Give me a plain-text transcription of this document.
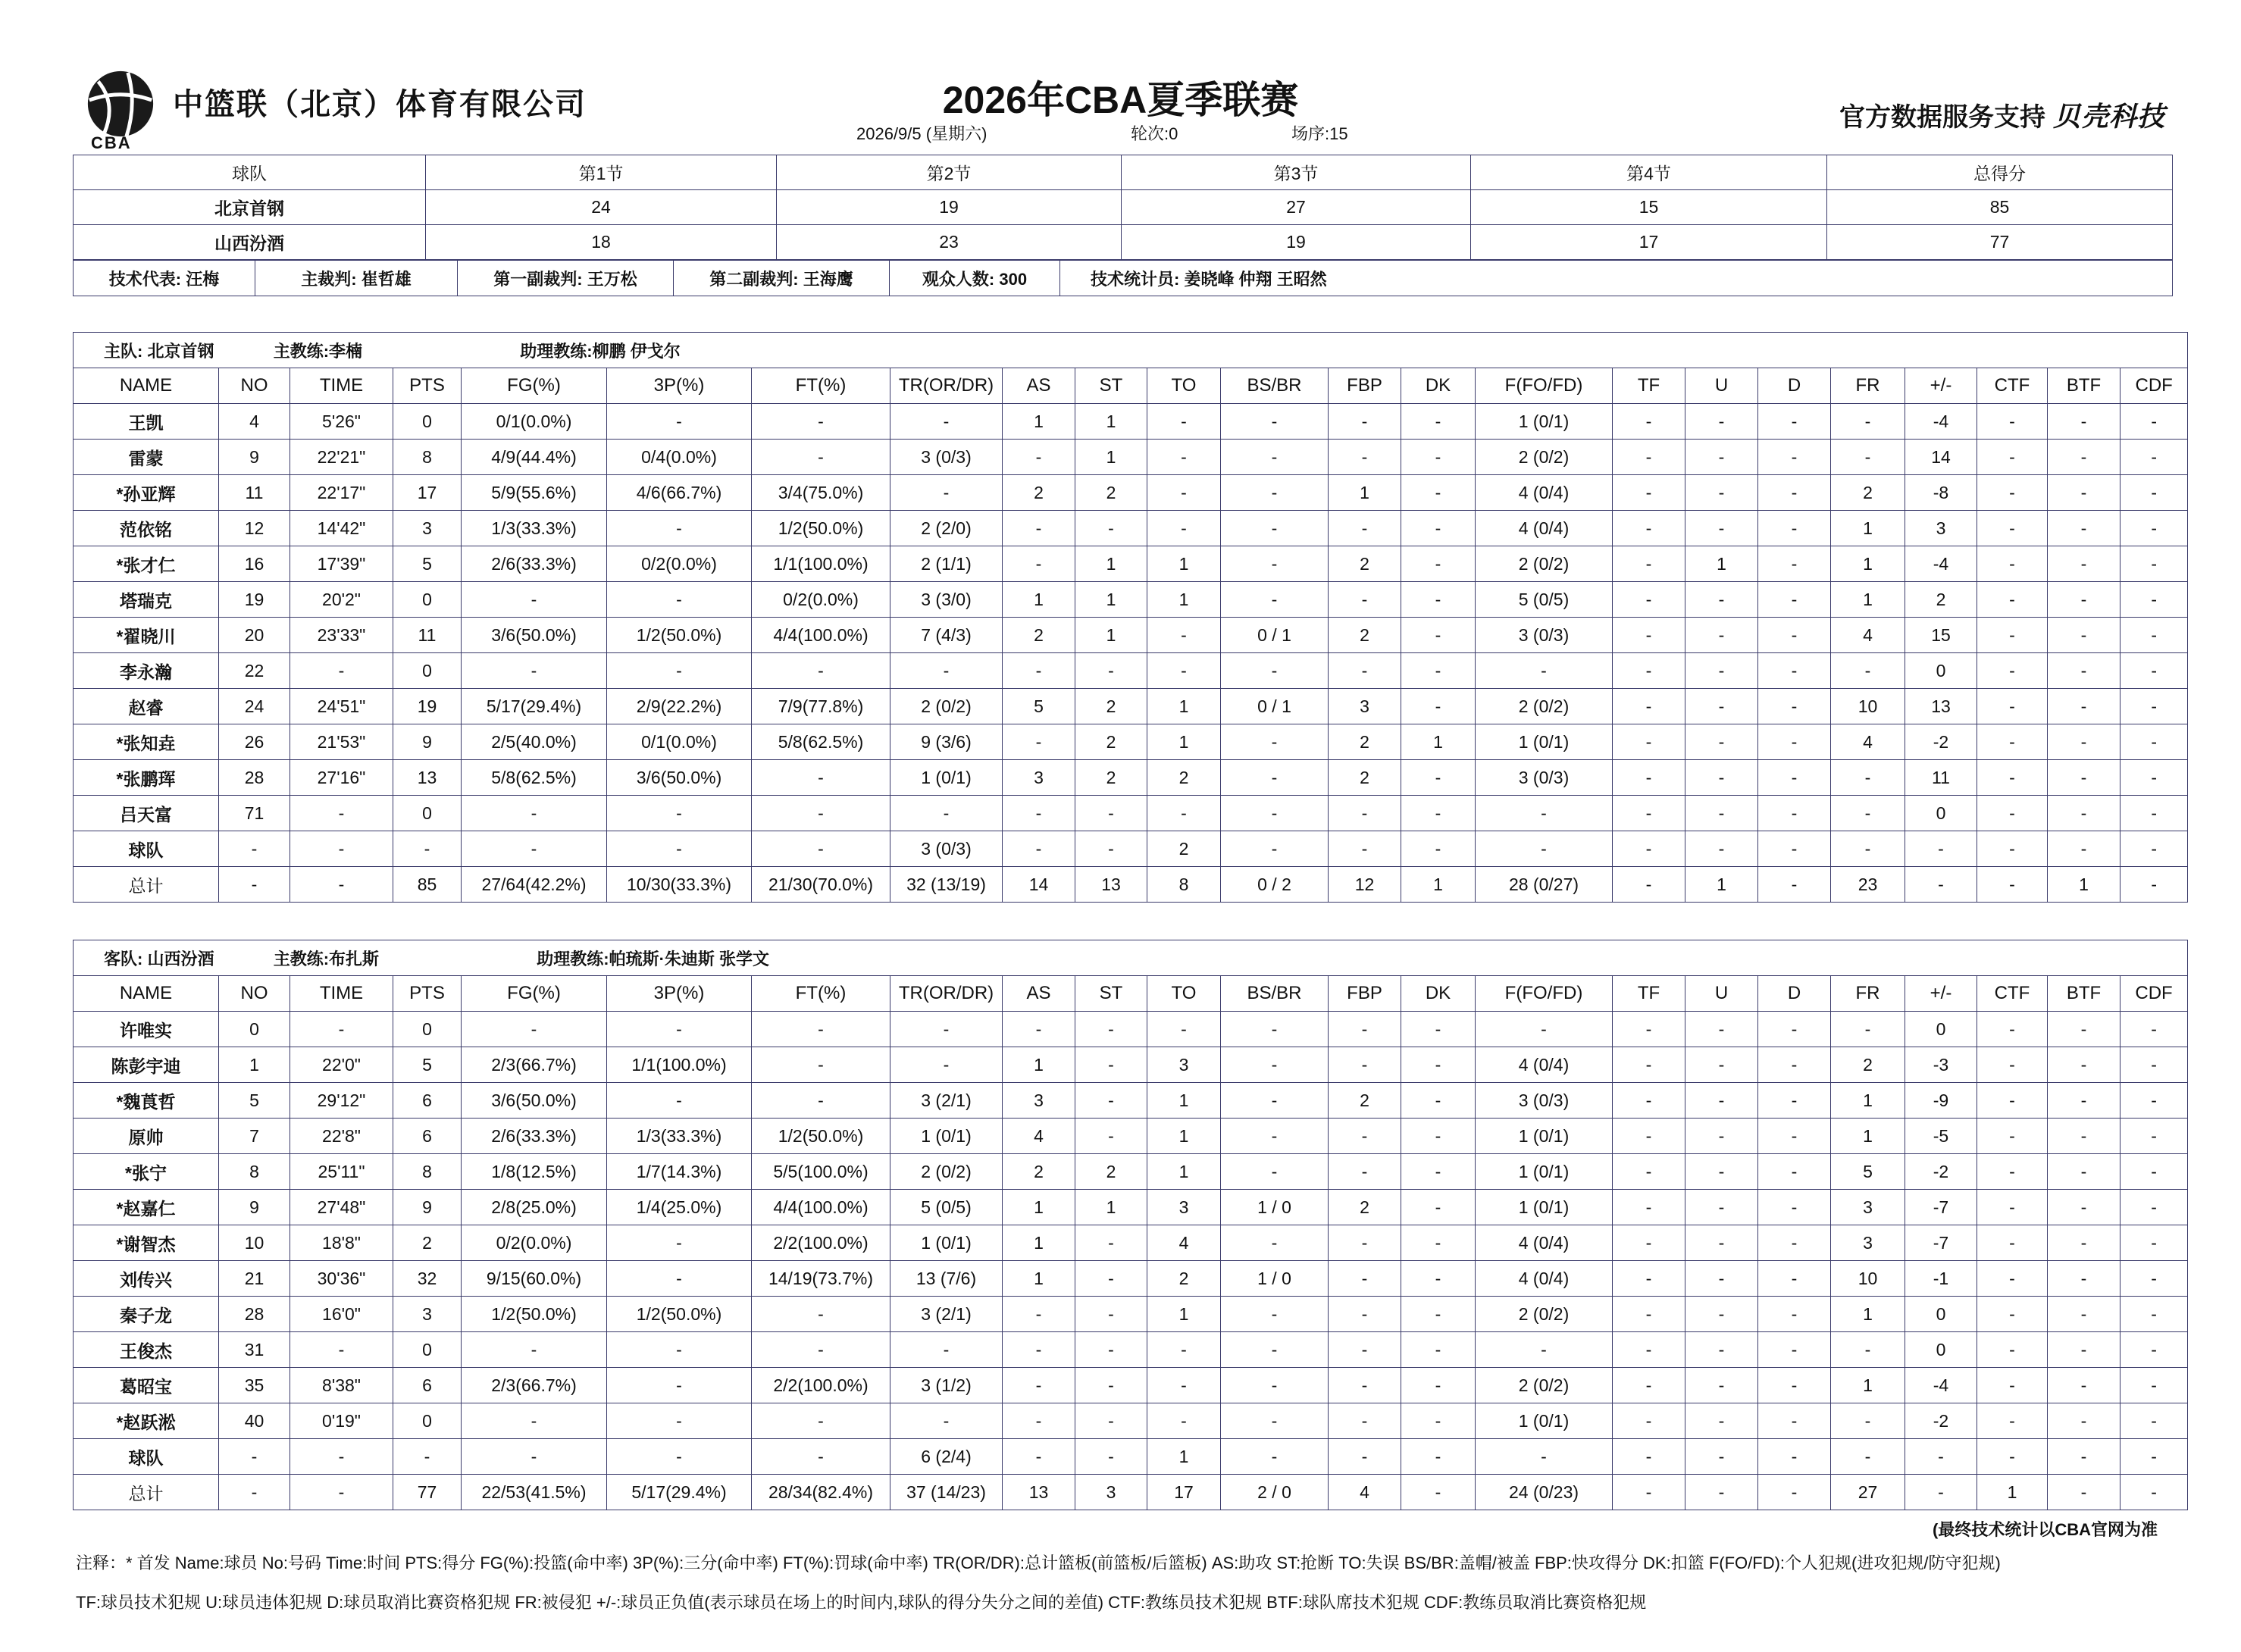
CBA
中篮联（北京）体育有限公司	2026年CBA夏季联赛
2026/9/5 (星期六)	轮次:0	场序:15
官方数据服务支持 贝壳科技
球队	第1节	第2节	第3节	第4节	总得分
北京首钢	24	19	27	15	85
山西汾酒	18	23	19	17	77
技术代表: 汪梅	主裁判: 崔哲雄	第一副裁判: 王万松	第二副裁判: 王海鹰	观众人数: 300	技术统计员: 姜晓峰 仲翔 王昭然
主队: 北京首钢 主教练:李楠 助理教练:柳鹏 伊戈尔																						
NAME	NO	TIME	PTS	FG(%)	3P(%)	FT(%)	TR(OR/DR)	AS	ST	TO	BS/BR	FBP	DK	F(FO/FD)	TF	U	D	FR	+/-	CTF	BTF	CDF
王凯	4	5'26"	0	0/1(0.0%)	-	-	-	1	1	-	-	-	-	1 (0/1)	-	-	-	-	-4	-	-	-
雷蒙	9	22'21"	8	4/9(44.4%)	0/4(0.0%)	-	3 (0/3)	-	1	-	-	-	-	2 (0/2)	-	-	-	-	14	-	-	-
*孙亚辉	11	22'17"	17	5/9(55.6%)	4/6(66.7%)	3/4(75.0%)	-	2	2	-	-	1	-	4 (0/4)	-	-	-	2	-8	-	-	-
范依铭	12	14'42"	3	1/3(33.3%)	-	1/2(50.0%)	2 (2/0)	-	-	-	-	-	-	4 (0/4)	-	-	-	1	3	-	-	-
*张才仁	16	17'39"	5	2/6(33.3%)	0/2(0.0%)	1/1(100.0%)	2 (1/1)	-	1	1	-	2	-	2 (0/2)	-	1	-	1	-4	-	-	-
塔瑞克	19	20'2"	0	-	-	0/2(0.0%)	3 (3/0)	1	1	1	-	-	-	5 (0/5)	-	-	-	1	2	-	-	-
*翟晓川	20	23'33"	11	3/6(50.0%)	1/2(50.0%)	4/4(100.0%)	7 (4/3)	2	1	-	0 / 1	2	-	3 (0/3)	-	-	-	4	15	-	-	-
李永瀚	22	-	0	-	-	-	-	-	-	-	-	-	-	-	-	-	-	-	0	-	-	-
赵睿	24	24'51"	19	5/17(29.4%)	2/9(22.2%)	7/9(77.8%)	2 (0/2)	5	2	1	0 / 1	3	-	2 (0/2)	-	-	-	10	13	-	-	-
*张知垚	26	21'53"	9	2/5(40.0%)	0/1(0.0%)	5/8(62.5%)	9 (3/6)	-	2	1	-	2	1	1 (0/1)	-	-	-	4	-2	-	-	-
*张鹏珲	28	27'16"	13	5/8(62.5%)	3/6(50.0%)	-	1 (0/1)	3	2	2	-	2	-	3 (0/3)	-	-	-	-	11	-	-	-
吕天富	71	-	0	-	-	-	-	-	-	-	-	-	-	-	-	-	-	-	0	-	-	-
球队	-	-	-	-	-	-	3 (0/3)	-	-	2	-	-	-	-	-	-	-	-	-	-	-	-
总计	-	-	85	27/64(42.2%)	10/30(33.3%)	21/30(70.0%)	32 (13/19)	14	13	8	0 / 2	12	1	28 (0/27)	-	1	-	23	-	-	1	-
客队: 山西汾酒 主教练:布扎斯 助理教练:帕琉斯·朱迪斯 张学文																						
NAME	NO	TIME	PTS	FG(%)	3P(%)	FT(%)	TR(OR/DR)	AS	ST	TO	BS/BR	FBP	DK	F(FO/FD)	TF	U	D	FR	+/-	CTF	BTF	CDF
许唯实	0	-	0	-	-	-	-	-	-	-	-	-	-	-	-	-	-	-	0	-	-	-
陈彭宇迪	1	22'0"	5	2/3(66.7%)	1/1(100.0%)	-	-	1	-	3	-	-	-	4 (0/4)	-	-	-	2	-3	-	-	-
*魏莨哲	5	29'12"	6	3/6(50.0%)	-	-	3 (2/1)	3	-	1	-	2	-	3 (0/3)	-	-	-	1	-9	-	-	-
原帅	7	22'8"	6	2/6(33.3%)	1/3(33.3%)	1/2(50.0%)	1 (0/1)	4	-	1	-	-	-	1 (0/1)	-	-	-	1	-5	-	-	-
*张宁	8	25'11"	8	1/8(12.5%)	1/7(14.3%)	5/5(100.0%)	2 (0/2)	2	2	1	-	-	-	1 (0/1)	-	-	-	5	-2	-	-	-
*赵嘉仁	9	27'48"	9	2/8(25.0%)	1/4(25.0%)	4/4(100.0%)	5 (0/5)	1	1	3	1 / 0	2	-	1 (0/1)	-	-	-	3	-7	-	-	-
*谢智杰	10	18'8"	2	0/2(0.0%)	-	2/2(100.0%)	1 (0/1)	1	-	4	-	-	-	4 (0/4)	-	-	-	3	-7	-	-	-
刘传兴	21	30'36"	32	9/15(60.0%)	-	14/19(73.7%)	13 (7/6)	1	-	2	1 / 0	-	-	4 (0/4)	-	-	-	10	-1	-	-	-
秦子龙	28	16'0"	3	1/2(50.0%)	1/2(50.0%)	-	3 (2/1)	-	-	1	-	-	-	2 (0/2)	-	-	-	1	0	-	-	-
王俊杰	31	-	0	-	-	-	-	-	-	-	-	-	-	-	-	-	-	-	0	-	-	-
葛昭宝	35	8'38"	6	2/3(66.7%)	-	2/2(100.0%)	3 (1/2)	-	-	-	-	-	-	2 (0/2)	-	-	-	1	-4	-	-	-
*赵跃淞	40	0'19"	0	-	-	-	-	-	-	-	-	-	-	1 (0/1)	-	-	-	-	-2	-	-	-
球队	-	-	-	-	-	-	6 (2/4)	-	-	1	-	-	-	-	-	-	-	-	-	-	-	-
总计	-	-	77	22/53(41.5%)	5/17(29.4%)	28/34(82.4%)	37 (14/23)	13	3	17	2 / 0	4	-	24 (0/23)	-	-	-	27	-	1	-	-
(最终技术统计以CBA官网为准
注释：* 首发 Name:球员 No:号码 Time:时间 PTS:得分 FG(%):投篮(命中率) 3P(%):三分(命中率) FT(%):罚球(命中率) TR(OR/DR):总计篮板(前篮板/后篮板) AS:助攻 ST:抢断 TO:失误 BS/BR:盖帽/被盖 FBP:快攻得分 DK:扣篮 F(FO/FD):个人犯规(进攻犯规/防守犯规)
TF:球员技术犯规 U:球员违体犯规 D:球员取消比赛资格犯规 FR:被侵犯 +/-:球员正负值(表示球员在场上的时间内,球队的得分失分之间的差值) CTF:教练员技术犯规 BTF:球队席技术犯规 CDF:教练员取消比赛资格犯规
